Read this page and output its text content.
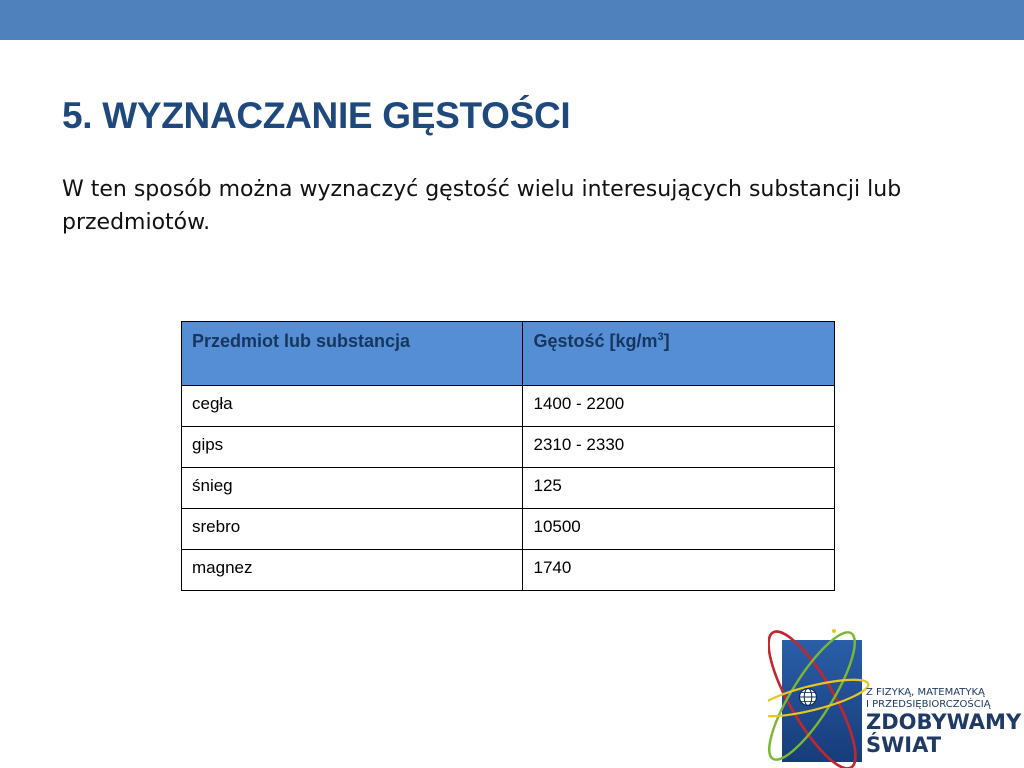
5. WYZNACZANIE GĘSTOŚCI

W ten sposób można wyznaczyć gęstość wielu interesujących substancji lub przedmiotów.

Przedmiot lub substancja	Gęstość $[kg/m^3]$
cegła	1400 - 2200
gips	2310 - 2330
śnieg	125
srebro	10500
magnez	1740
Z FIZYKĄ, MATEMATYKĄ
I PRZEDSIĘBIORCZOŚCIĄ
ZDOBYWAMY
ŚWIAT
